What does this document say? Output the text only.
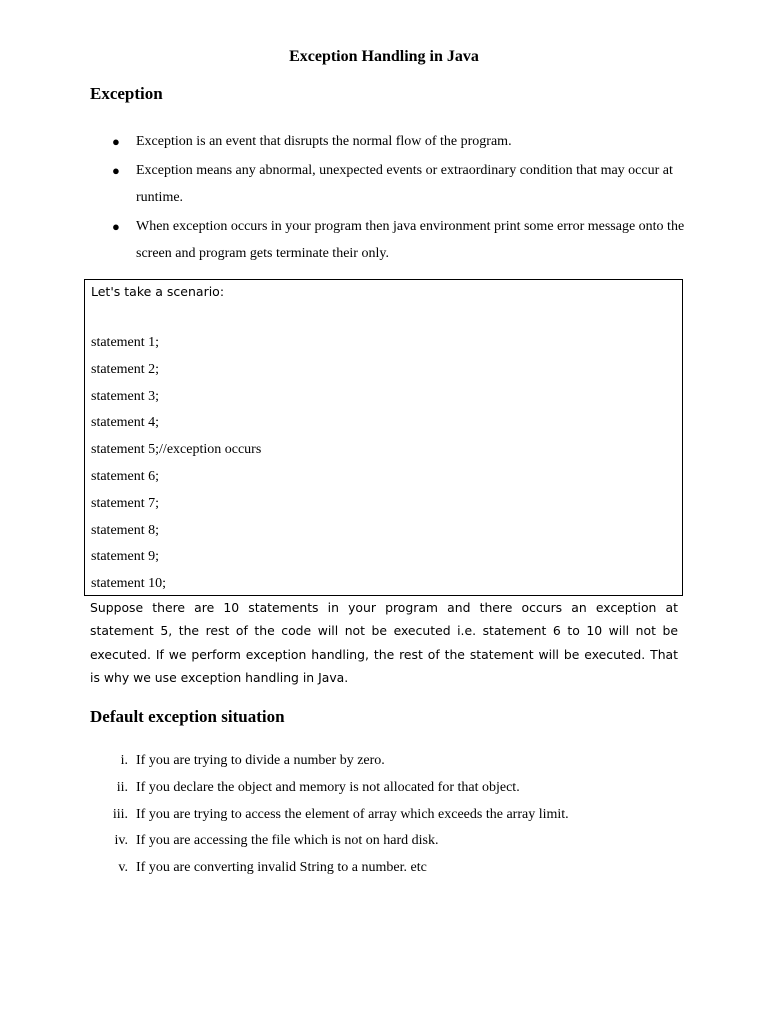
Exception Handling in Java
Exception
● Exception is an event that disrupts the normal flow of the program.
● Exception means any abnormal, unexpected events or extraordinary condition that may occur at runtime.
● When exception occurs in your program then java environment print some error message onto the screen and program gets terminate their only.

Let's take a scenario:

statement 1;

statement 2;

statement 3;

statement 4;

statement 5;//exception occurs

statement 6;

statement 7;

statement 8;

statement 9;

statement 10;

Suppose there are 10 statements in your program and there occurs an exception at statement 5, the rest of the code will not be executed i.e. statement 6 to 10 will not be executed. If we perform exception handling, the rest of the statement will be executed. That is why we use exception handling in Java.

Default exception situation
i. If you are trying to divide a number by zero.
ii. If you declare the object and memory is not allocated for that object.
iii. If you are trying to access the element of array which exceeds the array limit.
iv. If you are accessing the file which is not on hard disk.
v. If you are converting invalid String to a number. etc
